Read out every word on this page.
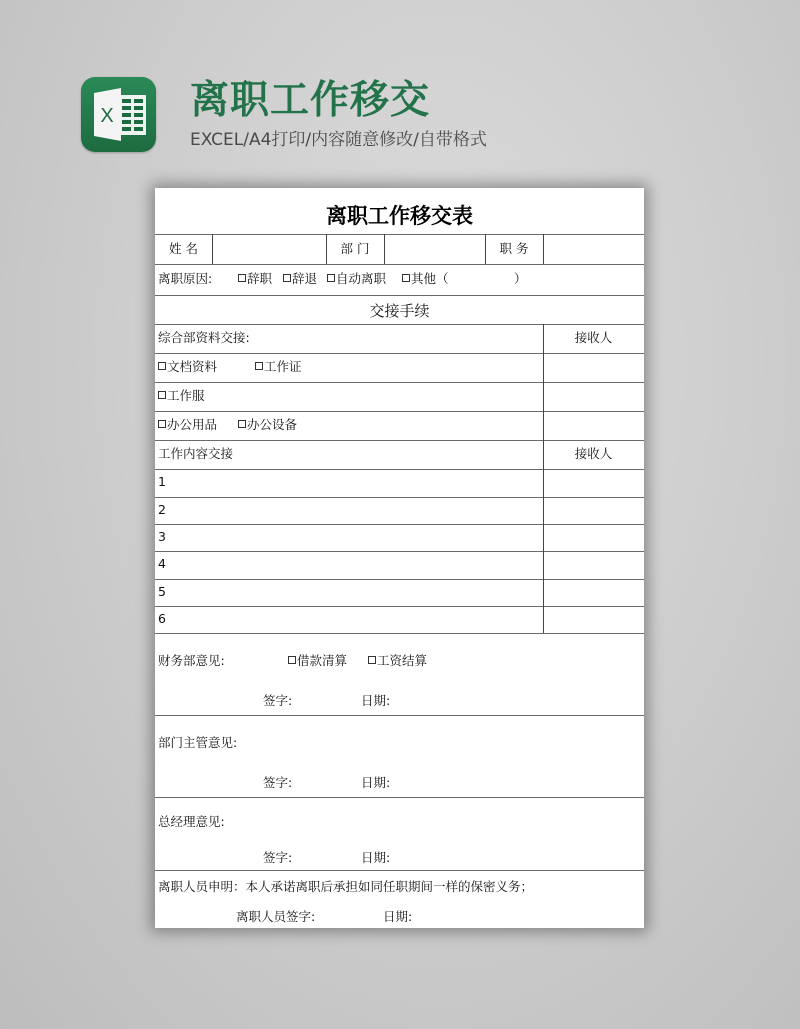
X 离职工作移交
EXCEL/A4打印/内容随意修改/自带格式
离职工作移交表
姓 名	部 门	职 务
离职原因:	辞职	辞退	自动离职	其他（	）
交接手续
综合部资料交接:	接收人
文档资料	工作证
工作服
办公用品	办公设备
工作内容交接	接收人
1
2
3
4
5
6
财务部意见:	借款清算	工资结算
签字:	日期:
部门主管意见:
签字:	日期:
总经理意见:
签字:	日期:
离职人员申明：本人承诺离职后承担如同任职期间一样的保密义务；
离职人员签字:	日期:
